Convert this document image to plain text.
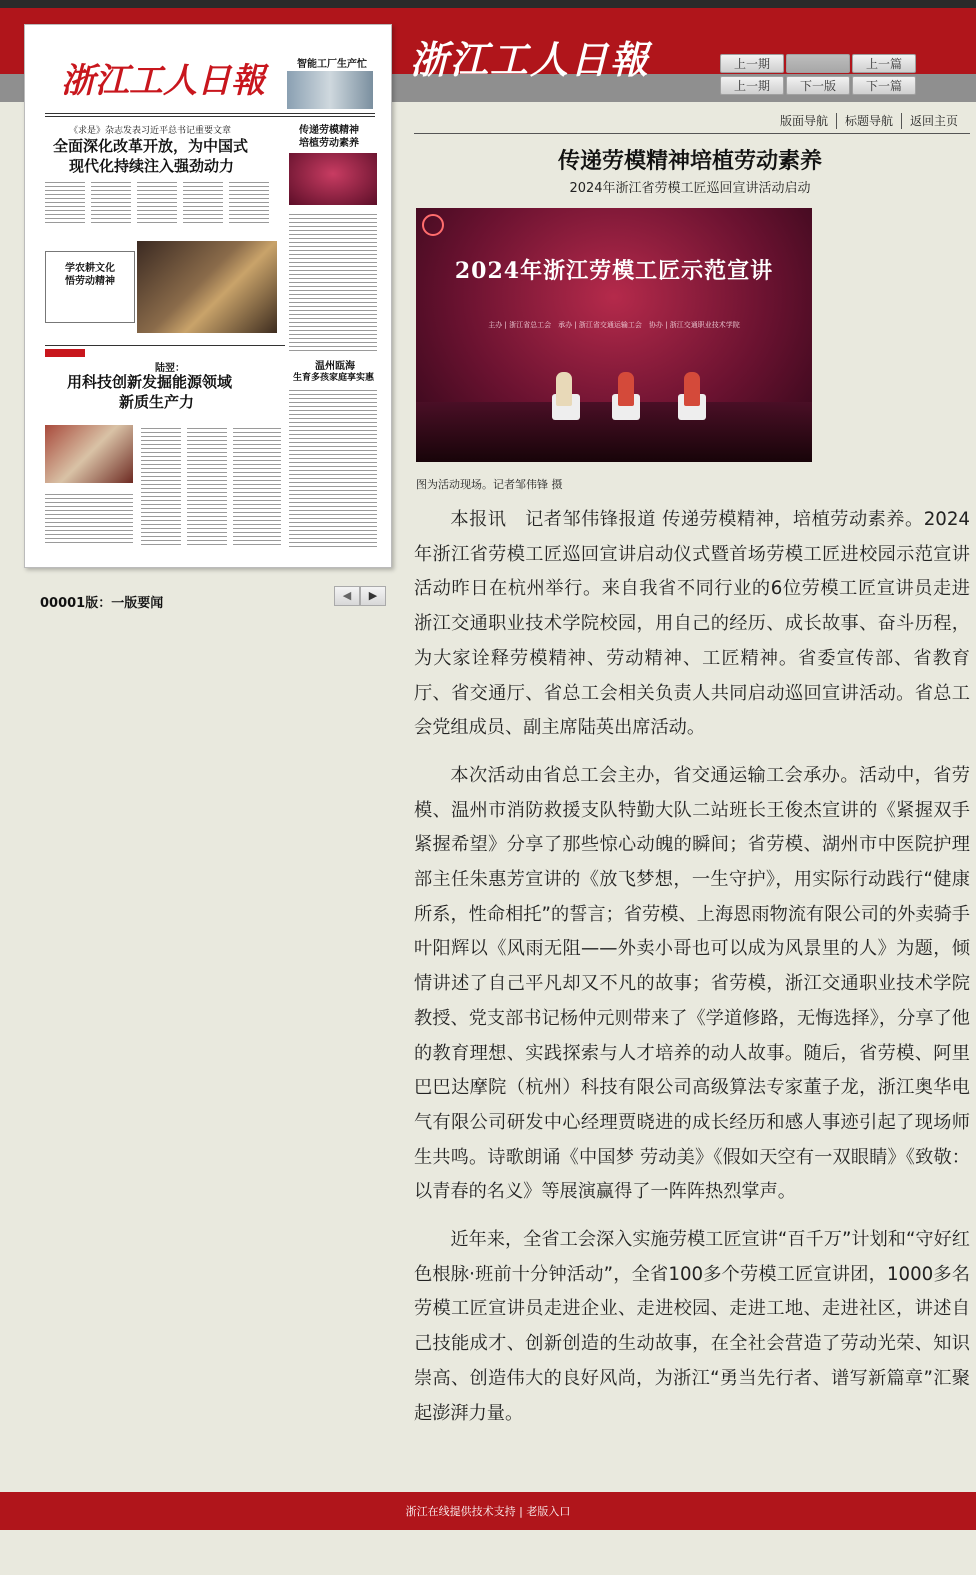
浙江工人日報	上一期	上一篇
上一期	下一版	下一篇
版面导航 标题导航 返回主页
浙江工人日報	智能工厂生产忙
《求是》杂志发表习近平总书记重要文章
全面深化改革开放，为中国式
现代化持续注入强劲动力
传递劳模精神
培植劳动素养
学农耕文化
悟劳动精神
陆翌：
用科技创新发掘能源领域
新质生产力
温州瓯海
生育多孩家庭享实惠
00001版：一版要闻
◀	▶
传递劳模精神培植劳动素养
2024年浙江省劳模工匠巡回宣讲活动启动
2024年浙江劳模工匠示范宣讲
主办 | 浙江省总工会　承办 | 浙江省交通运输工会　协办 | 浙江交通职业技术学院
图为活动现场。记者邹伟锋 摄

本报讯　记者邹伟锋报道 传递劳模精神，培植劳动素养。2024年浙江省劳模工匠巡回宣讲启动仪式暨首场劳模工匠进校园示范宣讲活动昨日在杭州举行。来自我省不同行业的6位劳模工匠宣讲员走进浙江交通职业技术学院校园，用自己的经历、成长故事、奋斗历程，为大家诠释劳模精神、劳动精神、工匠精神。省委宣传部、省教育厅、省交通厅、省总工会相关负责人共同启动巡回宣讲活动。省总工会党组成员、副主席陆英出席活动。

本次活动由省总工会主办，省交通运输工会承办。活动中，省劳模、温州市消防救援支队特勤大队二站班长王俊杰宣讲的《紧握双手 紧握希望》分享了那些惊心动魄的瞬间；省劳模、湖州市中医院护理部主任朱惠芳宣讲的《放飞梦想，一生守护》，用实际行动践行“健康所系，性命相托”的誓言；省劳模、上海恩雨物流有限公司的外卖骑手叶阳辉以《风雨无阻——外卖小哥也可以成为风景里的人》为题，倾情讲述了自己平凡却又不凡的故事；省劳模，浙江交通职业技术学院教授、党支部书记杨仲元则带来了《学道修路，无悔选择》，分享了他的教育理想、实践探索与人才培养的动人故事。随后，省劳模、阿里巴巴达摩院（杭州）科技有限公司高级算法专家董子龙，浙江奥华电气有限公司研发中心经理贾晓进的成长经历和感人事迹引起了现场师生共鸣。诗歌朗诵《中国梦 劳动美》《假如天空有一双眼睛》《致敬：以青春的名义》等展演赢得了一阵阵热烈掌声。

近年来，全省工会深入实施劳模工匠宣讲“百千万”计划和“守好红色根脉·班前十分钟活动”，全省100多个劳模工匠宣讲团，1000多名劳模工匠宣讲员走进企业、走进校园、走进工地、走进社区，讲述自己技能成才、创新创造的生动故事，在全社会营造了劳动光荣、知识崇高、创造伟大的良好风尚，为浙江“勇当先行者、谱写新篇章”汇聚起澎湃力量。

浙江在线提供技术支持 | 老版入口
